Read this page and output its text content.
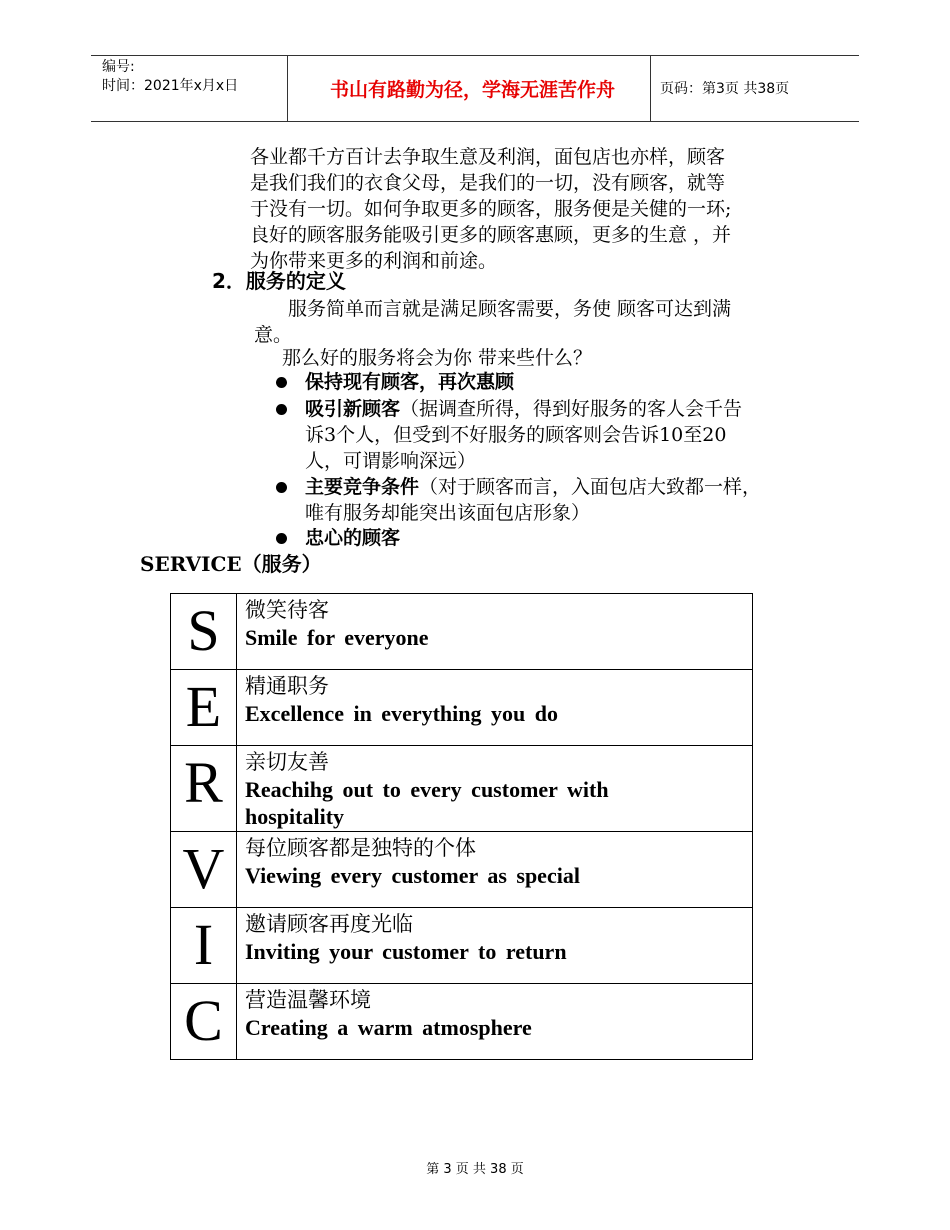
编号:
时间：2021年x月x日	书山有路勤为径，学海无涯苦作舟	页码：第3页 共38页
各业都千方百计去争取生意及利润，面包店也亦样，顾客
是我们我们的衣食父母，是我们的一切，没有顾客，就等
于没有一切。如何争取更多的顾客，服务便是关健的一环;
良好的顾客服务能吸引更多的顾客惠顾，更多的生意 ，并
为你带来更多的利润和前途。
2．服务的定义
服务简单而言就是满足顾客需要，务使 顾客可达到满
意。
那么好的服务将会为你 带来些什么？
保持现有顾客，再次惠顾
吸引新顾客（据调查所得，得到好服务的客人会千告
诉3个人，但受到不好服务的顾客则会告诉10至20
人，可谓影响深远）
主要竞争条件（对于顾客而言，入面包店大致都一样，
唯有服务却能突出该面包店形象）
忠心的顾客
SERVICE（服务）
S	微笑待客
Smile for everyone

E	精通职务
Excellence in everything you do

R	亲切友善
Reachihg out to every customer with hospitality

V	每位顾客都是独特的个体
Viewing every customer as special

I	邀请顾客再度光临
Inviting your customer to return

C	营造温馨环境
Creating a warm atmosphere
第 3 页 共 38 页
